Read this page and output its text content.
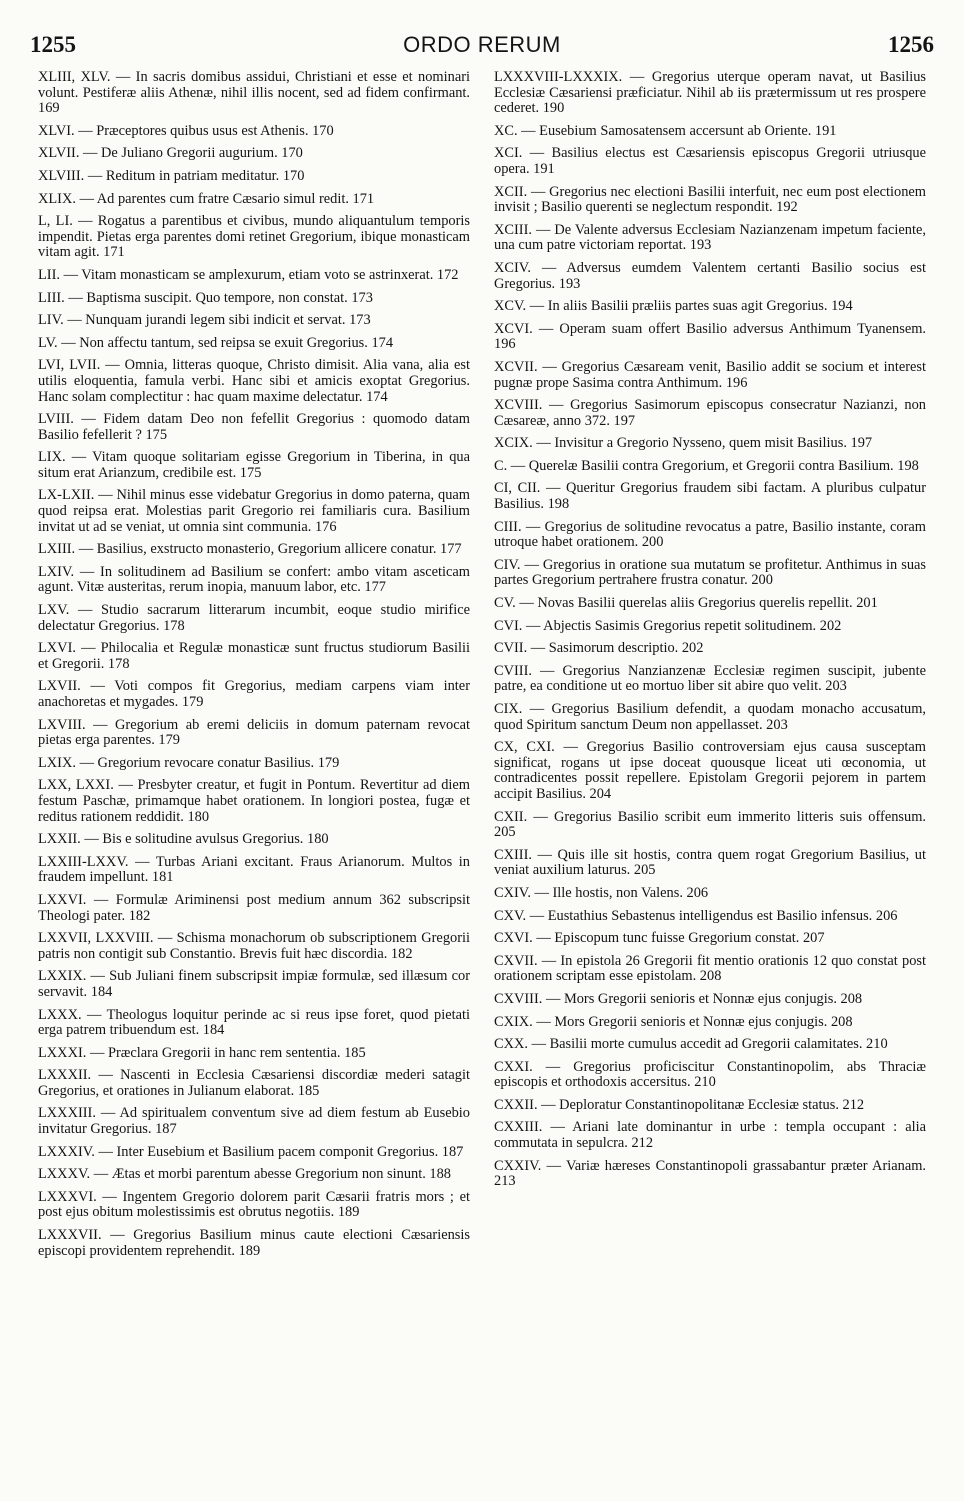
1255	ORDO RERUM	1256

XLIII, XLV. — In sacris domibus assidui, Christiani et esse et nominari volunt. Pestiferæ aliis Athenæ, nihil illis nocent, sed ad fidem confirmant. 169

XLVI. — Præceptores quibus usus est Athenis. 170

XLVII. — De Juliano Gregorii augurium. 170

XLVIII. — Reditum in patriam meditatur. 170

XLIX. — Ad parentes cum fratre Cæsario simul redit. 171

L, LI. — Rogatus a parentibus et civibus, mundo aliquantulum temporis impendit. Pietas erga parentes domi retinet Gregorium, ibique monasticam vitam agit. 171

LII. — Vitam monasticam se amplexurum, etiam voto se astrinxerat. 172

LIII. — Baptisma suscipit. Quo tempore, non constat. 173

LIV. — Nunquam jurandi legem sibi indicit et servat. 173

LV. — Non affectu tantum, sed reipsa se exuit Gregorius. 174

LVI, LVII. — Omnia, litteras quoque, Christo dimisit. Alia vana, alia est utilis eloquentia, famula verbi. Hanc sibi et amicis exoptat Gregorius. Hanc solam complectitur : hac quam maxime delectatur. 174

LVIII. — Fidem datam Deo non fefellit Gregorius : quomodo datam Basilio fefellerit ? 175

LIX. — Vitam quoque solitariam egisse Gregorium in Tiberina, in qua situm erat Arianzum, credibile est. 175

LX-LXII. — Nihil minus esse videbatur Gregorius in domo paterna, quam quod reipsa erat. Molestias parit Gregorio rei familiaris cura. Basilium invitat ut ad se veniat, ut omnia sint communia. 176

LXIII. — Basilius, exstructo monasterio, Gregorium allicere conatur. 177

LXIV. — In solitudinem ad Basilium se confert: ambo vitam asceticam agunt. Vitæ austeritas, rerum inopia, manuum labor, etc. 177

LXV. — Studio sacrarum litterarum incumbit, eoque studio mirifice delectatur Gregorius. 178

LXVI. — Philocalia et Regulæ monasticæ sunt fructus studiorum Basilii et Gregorii. 178

LXVII. — Voti compos fit Gregorius, mediam carpens viam inter anachoretas et mygades. 179

LXVIII. — Gregorium ab eremi deliciis in domum paternam revocat pietas erga parentes. 179

LXIX. — Gregorium revocare conatur Basilius. 179

LXX, LXXI. — Presbyter creatur, et fugit in Pontum. Revertitur ad diem festum Paschæ, primamque habet orationem. In longiori postea, fugæ et reditus rationem reddidit. 180

LXXII. — Bis e solitudine avulsus Gregorius. 180

LXXIII-LXXV. — Turbas Ariani excitant. Fraus Arianorum. Multos in fraudem impellunt. 181

LXXVI. — Formulæ Ariminensi post medium annum 362 subscripsit Theologi pater. 182

LXXVII, LXXVIII. — Schisma monachorum ob subscriptionem Gregorii patris non contigit sub Constantio. Brevis fuit hæc discordia. 182

LXXIX. — Sub Juliani finem subscripsit impiæ formulæ, sed illæsum cor servavit. 184

LXXX. — Theologus loquitur perinde ac si reus ipse foret, quod pietati erga patrem tribuendum est. 184

LXXXI. — Præclara Gregorii in hanc rem sententia. 185

LXXXII. — Nascenti in Ecclesia Cæsariensi discordiæ mederi satagit Gregorius, et orationes in Julianum elaborat. 185

LXXXIII. — Ad spiritualem conventum sive ad diem festum ab Eusebio invitatur Gregorius. 187

LXXXIV. — Inter Eusebium et Basilium pacem componit Gregorius. 187

LXXXV. — Ætas et morbi parentum abesse Gregorium non sinunt. 188

LXXXVI. — Ingentem Gregorio dolorem parit Cæsarii fratris mors ; et post ejus obitum molestissimis est obrutus negotiis. 189

LXXXVII. — Gregorius Basilium minus caute electioni Cæsariensis episcopi providentem reprehendit. 189

LXXXVIII-LXXXIX. — Gregorius uterque operam navat, ut Basilius Ecclesiæ Cæsariensi præficiatur. Nihil ab iis prætermissum ut res prospere cederet. 190

XC. — Eusebium Samosatensem accersunt ab Oriente. 191

XCI. — Basilius electus est Cæsariensis episcopus Gregorii utriusque opera. 191

XCII. — Gregorius nec electioni Basilii interfuit, nec eum post electionem invisit ; Basilio querenti se neglectum respondit. 192

XCIII. — De Valente adversus Ecclesiam Nazianzenam impetum faciente, una cum patre victoriam reportat. 193

XCIV. — Adversus eumdem Valentem certanti Basilio socius est Gregorius. 193

XCV. — In aliis Basilii præliis partes suas agit Gregorius. 194

XCVI. — Operam suam offert Basilio adversus Anthimum Tyanensem. 196

XCVII. — Gregorius Cæsaream venit, Basilio addit se socium et interest pugnæ prope Sasima contra Anthimum. 196

XCVIII. — Gregorius Sasimorum episcopus consecratur Nazianzi, non Cæsareæ, anno 372. 197

XCIX. — Invisitur a Gregorio Nysseno, quem misit Basilius. 197

C. — Querelæ Basilii contra Gregorium, et Gregorii contra Basilium. 198

CI, CII. — Queritur Gregorius fraudem sibi factam. A pluribus culpatur Basilius. 198

CIII. — Gregorius de solitudine revocatus a patre, Basilio instante, coram utroque habet orationem. 200

CIV. — Gregorius in oratione sua mutatum se profitetur. Anthimus in suas partes Gregorium pertrahere frustra conatur. 200

CV. — Novas Basilii querelas aliis Gregorius querelis repellit. 201

CVI. — Abjectis Sasimis Gregorius repetit solitudinem. 202

CVII. — Sasimorum descriptio. 202

CVIII. — Gregorius Nanzianzenæ Ecclesiæ regimen suscipit, jubente patre, ea conditione ut eo mortuo liber sit abire quo velit. 203

CIX. — Gregorius Basilium defendit, a quodam monacho accusatum, quod Spiritum sanctum Deum non appellasset. 203

CX, CXI. — Gregorius Basilio controversiam ejus causa susceptam significat, rogans ut ipse doceat quousque liceat uti œconomia, ut contradicentes possit repellere. Epistolam Gregorii pejorem in partem accipit Basilius. 204

CXII. — Gregorius Basilio scribit eum immerito litteris suis offensum. 205

CXIII. — Quis ille sit hostis, contra quem rogat Gregorium Basilius, ut veniat auxilium laturus. 205

CXIV. — Ille hostis, non Valens. 206

CXV. — Eustathius Sebastenus intelligendus est Basilio infensus. 206

CXVI. — Episcopum tunc fuisse Gregorium constat. 207

CXVII. — In epistola 26 Gregorii fit mentio orationis 12 quo constat post orationem scriptam esse epistolam. 208

CXVIII. — Mors Gregorii senioris et Nonnæ ejus conjugis. 208

CXIX. — Mors Gregorii senioris et Nonnæ ejus conjugis. 208

CXX. — Basilii morte cumulus accedit ad Gregorii calamitates. 210

CXXI. — Gregorius proficiscitur Constantinopolim, abs Thraciæ episcopis et orthodoxis accersitus. 210

CXXII. — Deploratur Constantinopolitanæ Ecclesiæ status. 212

CXXIII. — Ariani late dominantur in urbe : templa occupant : alia commutata in sepulcra. 212

CXXIV. — Variæ hæreses Constantinopoli grassabantur præter Arianam. 213
